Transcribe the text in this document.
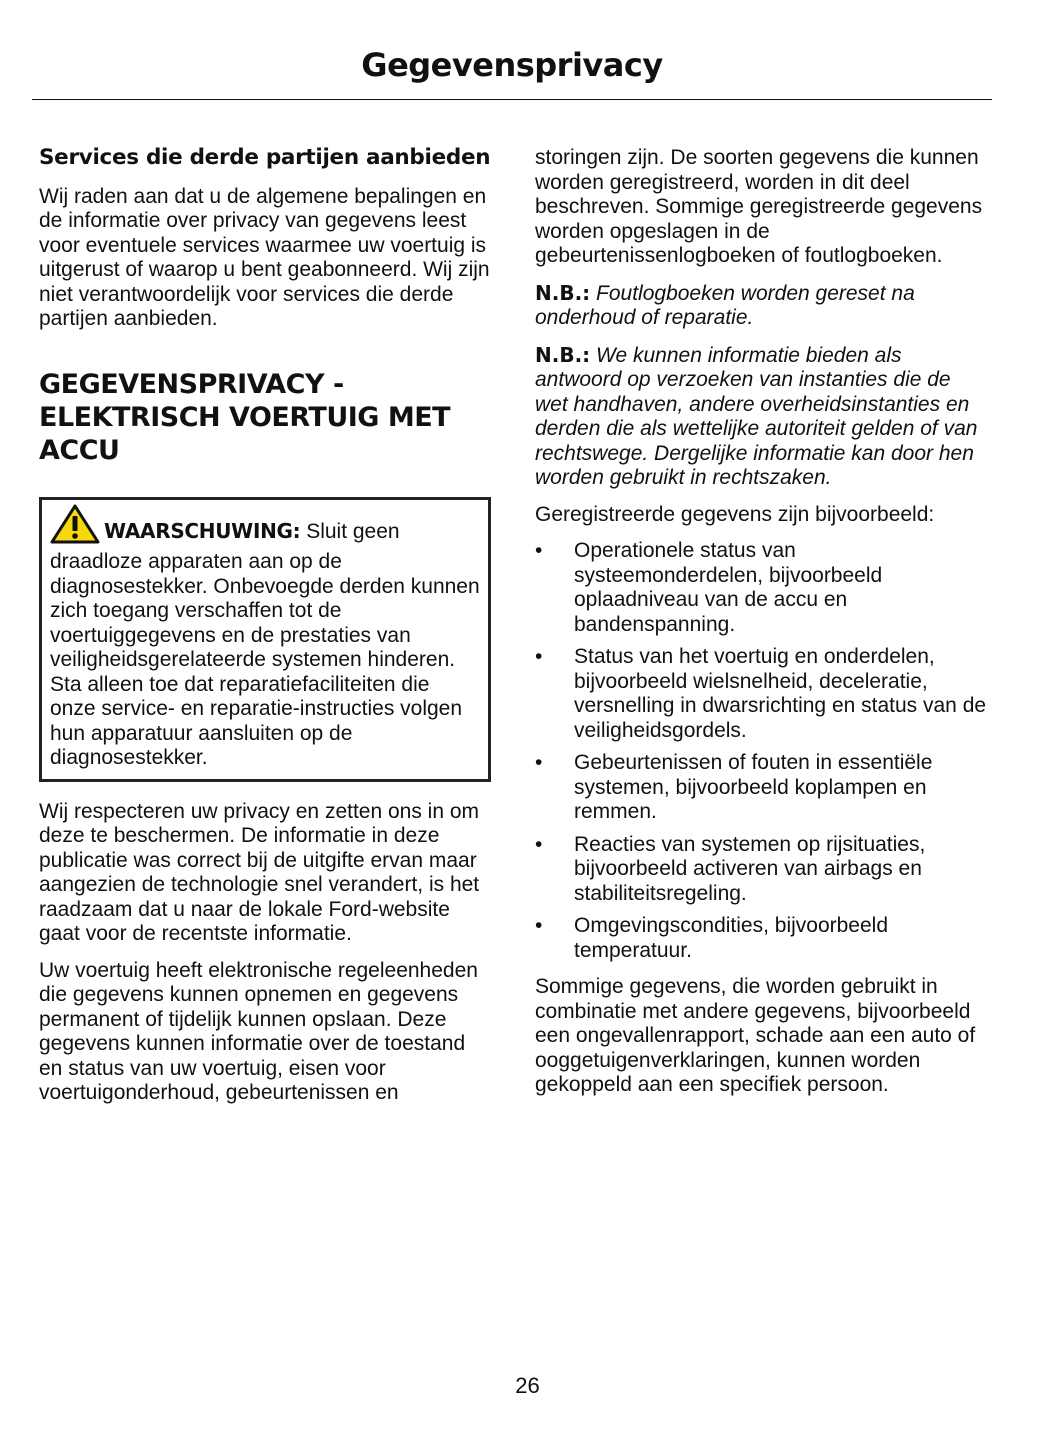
Gegevensprivacy
Services die derde partijen aanbieden

Wij raden aan dat u de algemene bepalingen en de informatie over privacy van gegevens leest voor eventuele services waarmee uw voertuig is uitgerust of waarop u bent geabonneerd. Wij zijn niet verantwoordelijk voor services die derde partijen aanbieden.

GEGEVENSPRIVACY - ELEKTRISCH VOERTUIG MET ACCU

WAARSCHUWING: Sluit geen draadloze apparaten aan op de diagnosestekker. Onbevoegde derden kunnen zich toegang verschaffen tot de voertuiggegevens en de prestaties van veiligheidsgerelateerde systemen hinderen. Sta alleen toe dat reparatiefaciliteiten die onze service- en reparatie-instructies volgen hun apparatuur aansluiten op de diagnosestekker.

Wij respecteren uw privacy en zetten ons in om deze te beschermen. De informatie in deze publicatie was correct bij de uitgifte ervan maar aangezien de technologie snel verandert, is het raadzaam dat u naar de lokale Ford-website gaat voor de recentste informatie.

Uw voertuig heeft elektronische regeleenheden die gegevens kunnen opnemen en gegevens permanent of tijdelijk kunnen opslaan. Deze gegevens kunnen informatie over de toestand en status van uw voertuig, eisen voor voertuigonderhoud, gebeurtenissen en

storingen zijn. De soorten gegevens die kunnen worden geregistreerd, worden in dit deel beschreven. Sommige geregistreerde gegevens worden opgeslagen in de gebeurtenissenlogboeken of foutlogboeken.

N.B.: Foutlogboeken worden gereset na onderhoud of reparatie.

N.B.: We kunnen informatie bieden als antwoord op verzoeken van instanties die de wet handhaven, andere overheidsinstanties en derden die als wettelijke autoriteit gelden of van rechtswege. Dergelijke informatie kan door hen worden gebruikt in rechtszaken.

Geregistreerde gegevens zijn bijvoorbeeld:

• Operationele status van systeemonderdelen, bijvoorbeeld oplaadniveau van de accu en bandenspanning.
• Status van het voertuig en onderdelen, bijvoorbeeld wielsnelheid, deceleratie, versnelling in dwarsrichting en status van de veiligheidsgordels.
• Gebeurtenissen of fouten in essentiële systemen, bijvoorbeeld koplampen en remmen.
• Reacties van systemen op rijsituaties, bijvoorbeeld activeren van airbags en stabiliteitsregeling.
• Omgevingscondities, bijvoorbeeld temperatuur.

Sommige gegevens, die worden gebruikt in combinatie met andere gegevens, bijvoorbeeld een ongevallenrapport, schade aan een auto of ooggetuigenverklaringen, kunnen worden gekoppeld aan een specifiek persoon.

26
